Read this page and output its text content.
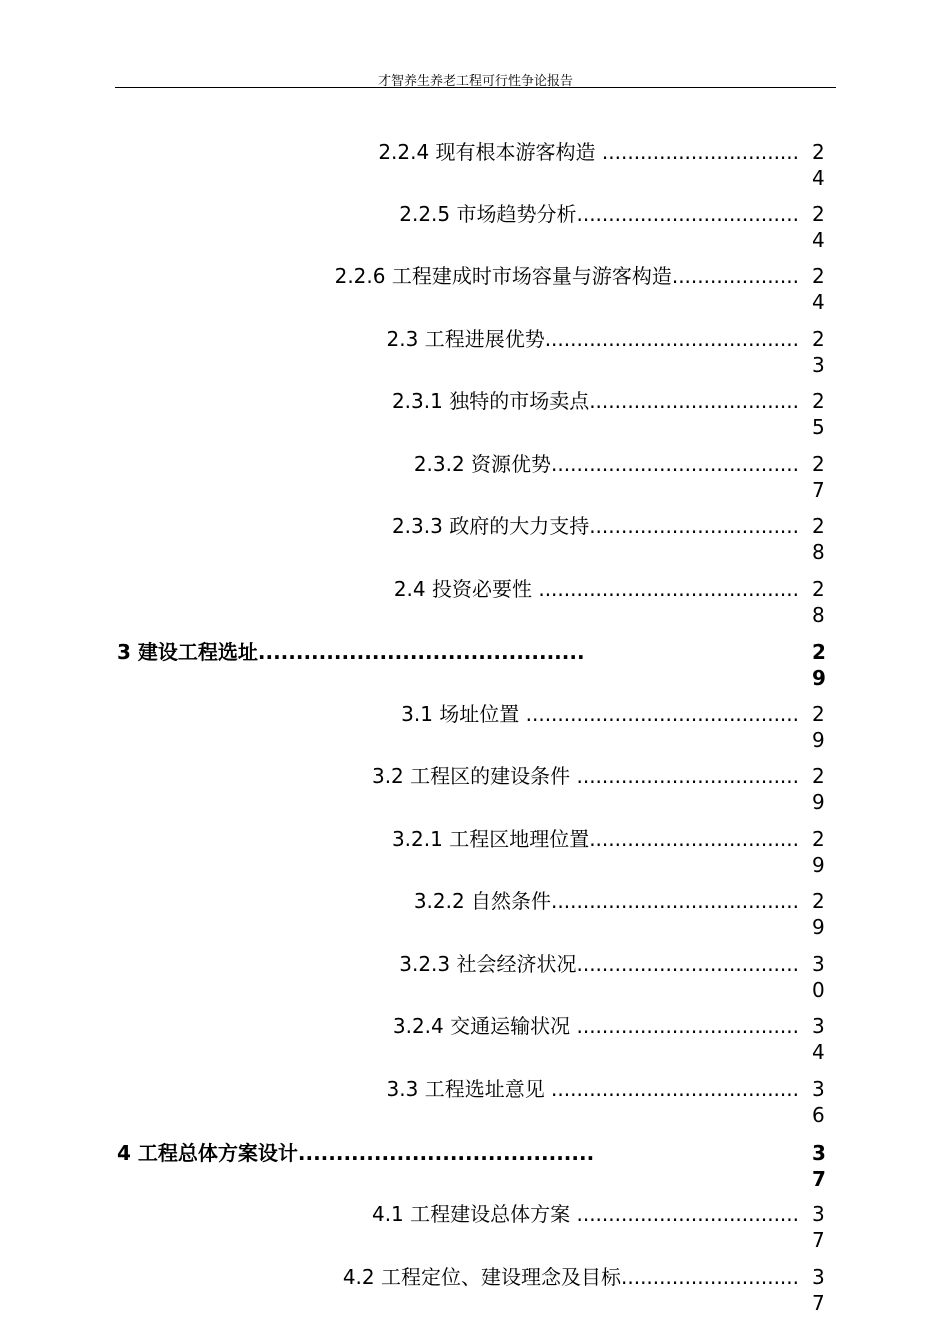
才智养生养老工程可行性争论报告
2.2.4 现有根本游客构造 ............................... 24
2.2.5 市场趋势分析................................... 24
2.2.6 工程建成时市场容量与游客构造.................... 24
2.3 工程进展优势........................................ 23
2.3.1 独特的市场卖点................................. 25
2.3.2 资源优势....................................... 27
2.3.3 政府的大力支持................................. 28
2.4 投资必要性 ......................................... 28
3 建设工程选址...........................................	29
3.1 场址位置 ........................................... 29
3.2 工程区的建设条件 ................................... 29
3.2.1 工程区地理位置................................. 29
3.2.2 自然条件....................................... 29
3.2.3 社会经济状况................................... 30
3.2.4 交通运输状况 ................................... 34
3.3 工程选址意见 ....................................... 36
4 工程总体方案设计.......................................	37
4.1 工程建设总体方案 ................................... 37
4.2 工程定位、建设理念及目标............................ 37
